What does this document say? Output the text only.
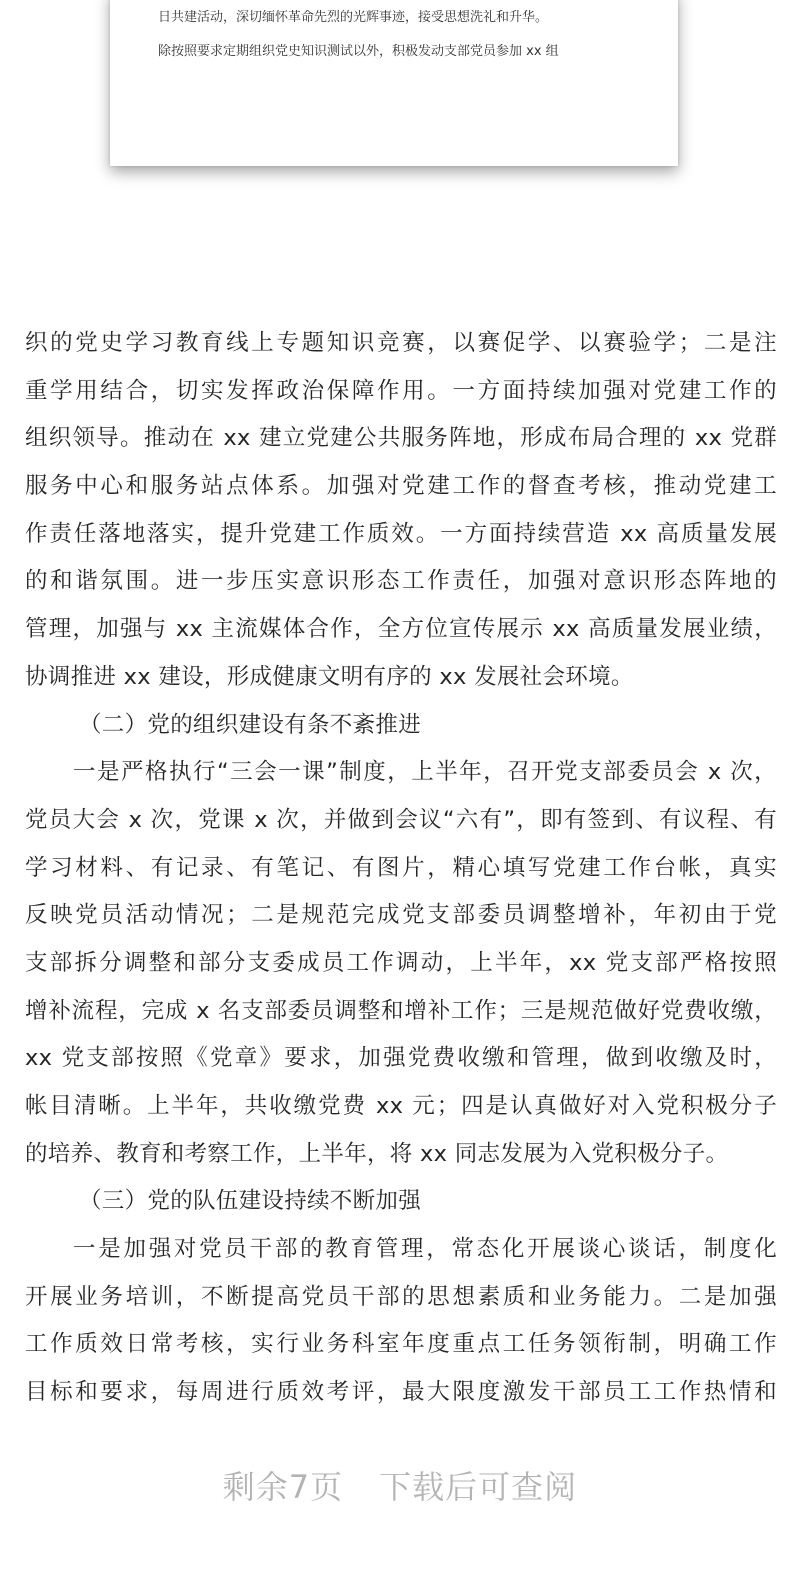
日共建活动，深切缅怀革命先烈的光辉事迹，接受思想洗礼和升华。
除按照要求定期组织党史知识测试以外，积极发动支部党员参加 xx 组
织的党史学习教育线上专题知识竞赛，以赛促学、以赛验学；二是注
重学用结合，切实发挥政治保障作用。一方面持续加强对党建工作的
组织领导。推动在 xx 建立党建公共服务阵地，形成布局合理的 xx 党群
服务中心和服务站点体系。加强对党建工作的督查考核，推动党建工
作责任落地落实，提升党建工作质效。一方面持续营造 xx 高质量发展
的和谐氛围。进一步压实意识形态工作责任，加强对意识形态阵地的
管理，加强与 xx 主流媒体合作，全方位宣传展示 xx 高质量发展业绩，
协调推进 xx 建设，形成健康文明有序的 xx 发展社会环境。
（二）党的组织建设有条不紊推进
一是严格执行“三会一课”制度，上半年，召开党支部委员会 x 次，
党员大会 x 次，党课 x 次，并做到会议“六有”，即有签到、有议程、有
学习材料、有记录、有笔记、有图片，精心填写党建工作台帐，真实
反映党员活动情况；二是规范完成党支部委员调整增补，年初由于党
支部拆分调整和部分支委成员工作调动，上半年，xx 党支部严格按照
增补流程，完成 x 名支部委员调整和增补工作；三是规范做好党费收缴，
xx 党支部按照《党章》要求，加强党费收缴和管理，做到收缴及时，
帐目清晰。上半年，共收缴党费 xx 元；四是认真做好对入党积极分子
的培养、教育和考察工作，上半年，将 xx 同志发展为入党积极分子。
（三）党的队伍建设持续不断加强
一是加强对党员干部的教育管理，常态化开展谈心谈话，制度化
开展业务培训，不断提高党员干部的思想素质和业务能力。二是加强
工作质效日常考核，实行业务科室年度重点工任务领衔制，明确工作
目标和要求，每周进行质效考评，最大限度激发干部员工工作热情和
剩余7页 下载后可查阅
